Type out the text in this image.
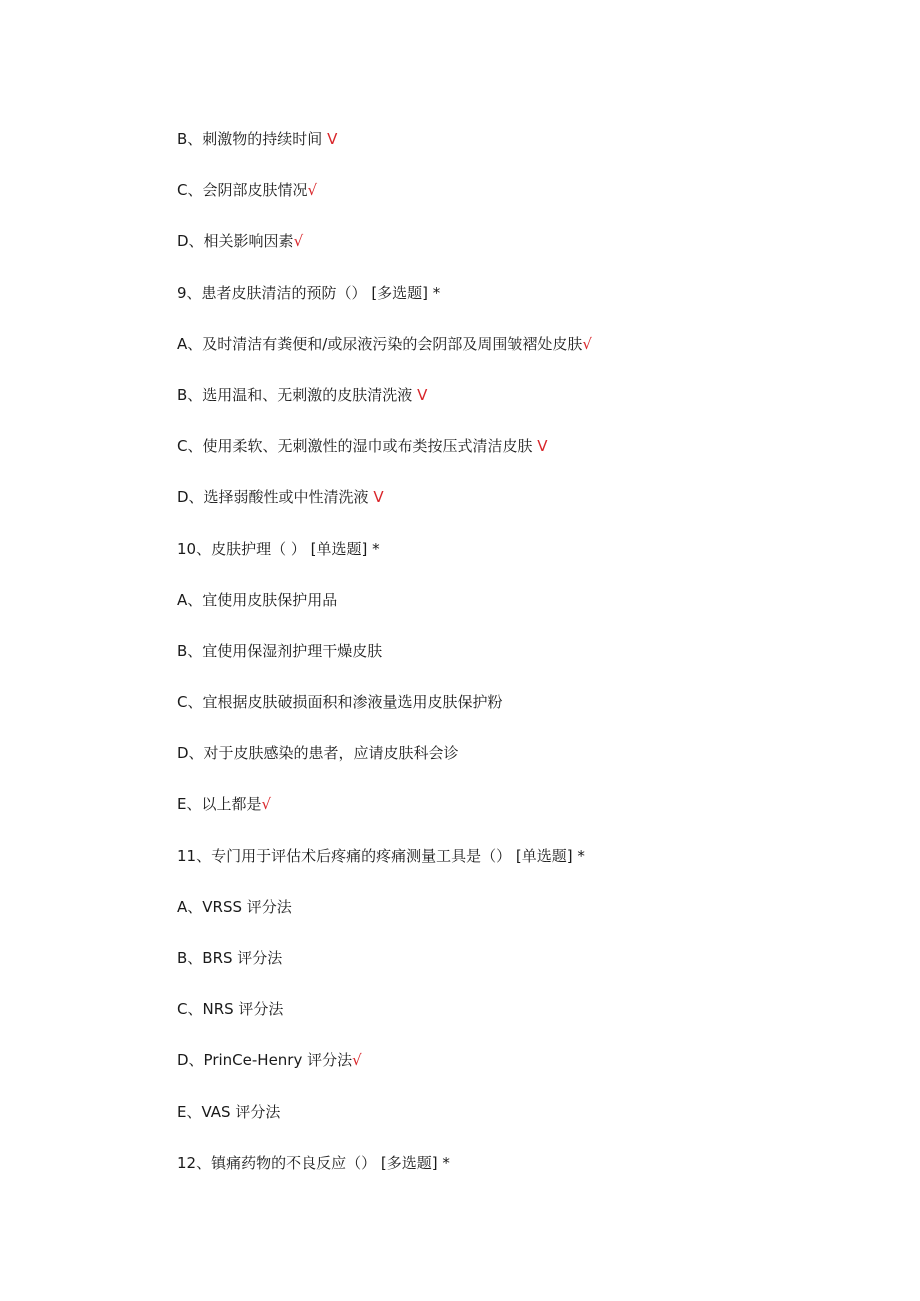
B、刺激物的持续时间 V
C、会阴部皮肤情况√
D、相关影响因素√
9、患者皮肤清洁的预防（） [多选题] *
A、及时清洁有粪便和/或尿液污染的会阴部及周围皱褶处皮肤√
B、选用温和、无刺激的皮肤清洗液 V
C、使用柔软、无刺激性的湿巾或布类按压式清洁皮肤 V
D、选择弱酸性或中性清洗液 V
10、皮肤护理（ ） [单选题] *
A、宜使用皮肤保护用品
B、宜使用保湿剂护理干燥皮肤
C、宜根据皮肤破损面积和渗液量选用皮肤保护粉
D、对于皮肤感染的患者，应请皮肤科会诊
E、以上都是√
11、专门用于评估术后疼痛的疼痛测量工具是（） [单选题] *
A、VRSS 评分法
B、BRS 评分法
C、NRS 评分法
D、PrinCe-Henry 评分法√
E、VAS 评分法
12、镇痛药物的不良反应（） [多选题] *
